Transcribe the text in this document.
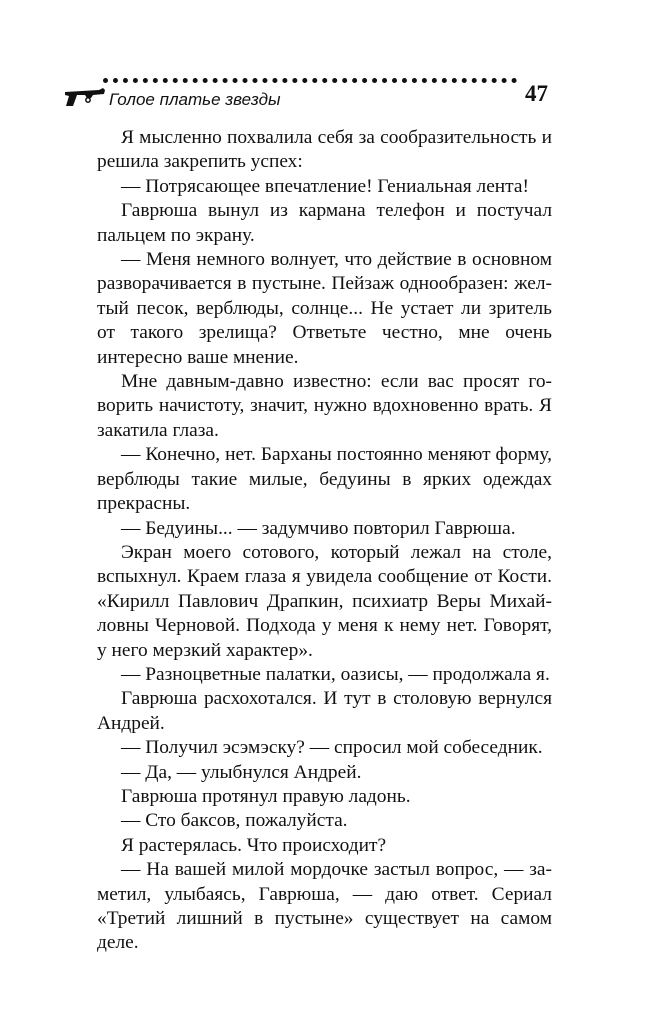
Голое платье звезды	47

Я мысленно похвалила себя за сообразительность и решила закрепить успех:

— Потрясающее впечатление! Гениальная лента!

Гаврюша вынул из кармана телефон и постучал пальцем по экрану.

— Меня немного волнует, что действие в основном разворачивается в пустыне. Пейзаж однообразен: желтый песок, верблюды, солнце... Не устает ли зритель от такого зрелища? Ответьте честно, мне очень интересно ваше мнение.

Мне давным-давно известно: если вас просят говорить начистоту, значит, нужно вдохновенно врать. Я закатила глаза.

— Конечно, нет. Барханы постоянно меняют форму, верблюды такие милые, бедуины в ярких одеждах прекрасны.

— Бедуины... — задумчиво повторил Гаврюша.

Экран моего сотового, который лежал на столе, вспыхнул. Краем глаза я увидела сообщение от Кости. «Кирилл Павлович Драпкин, психиатр Веры Михайловны Черновой. Подхода у меня к нему нет. Говорят, у него мерзкий характер».

— Разноцветные палатки, оазисы, — продолжала я.

Гаврюша расхохотался. И тут в столовую вернулся Андрей.

— Получил эсэмэску? — спросил мой собеседник.

— Да, — улыбнулся Андрей.

Гаврюша протянул правую ладонь.

— Сто баксов, пожалуйста.

Я растерялась. Что происходит?

— На вашей милой мордочке застыл вопрос, — заметил, улыбаясь, Гаврюша, — даю ответ. Сериал «Третий лишний в пустыне» существует на самом деле.
